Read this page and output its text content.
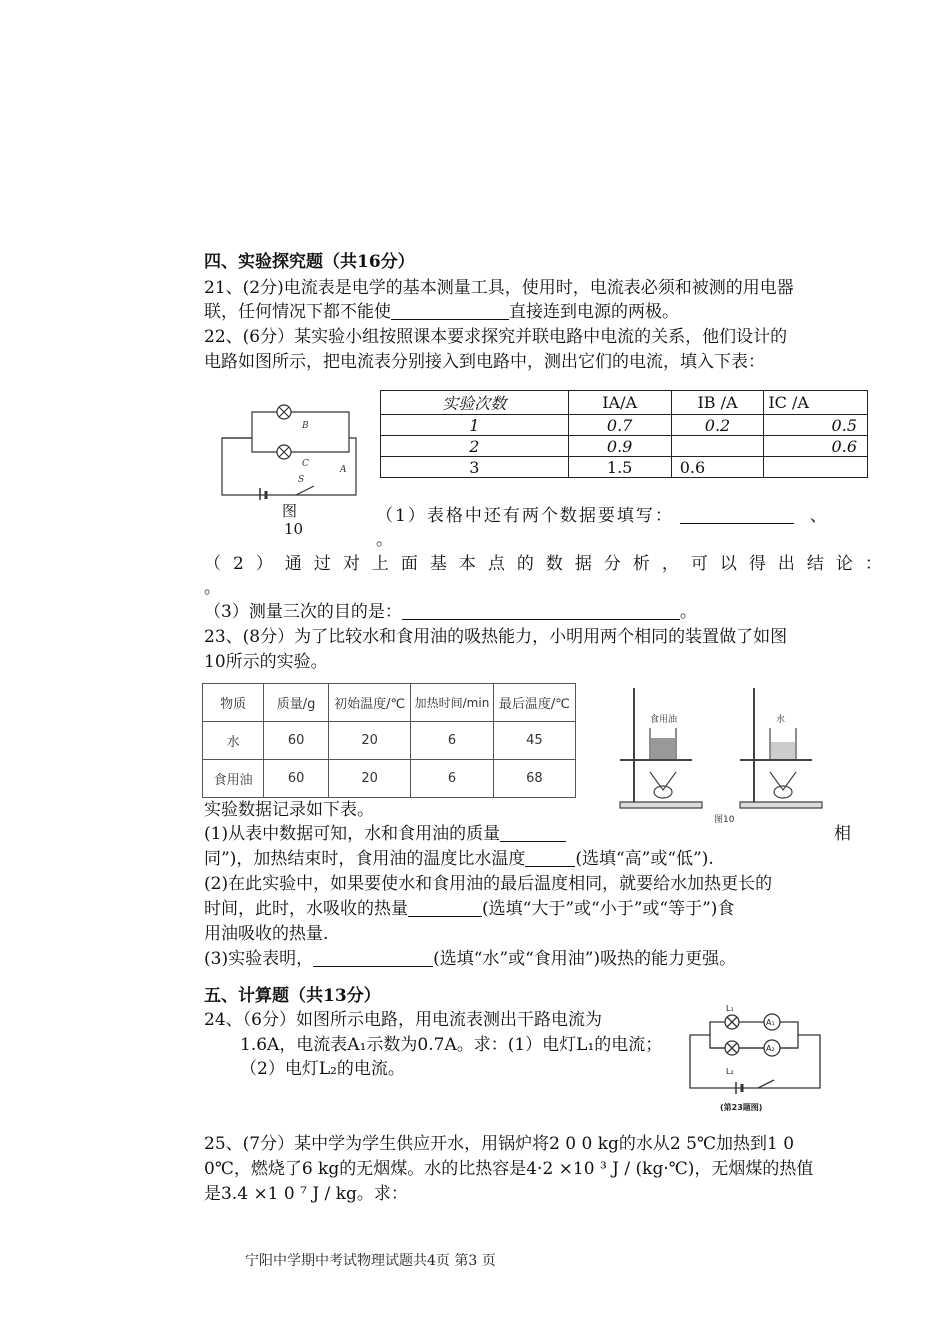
四、实验探究题（共16分）
21、(2分)电流表是电学的基本测量工具，使用时，电流表必须和被测的用电器
联，任何情况下都不能使	直接连到电源的两极。
22、(6分）某实验小组按照课本要求探究并联电路中电流的关系，他们设计的
电路如图所示，把电流表分别接入到电路中，测出它们的电流，填入下表：
B
C
A
S
图
10
实验次数	IA/A	IB /A	IC /A
1	0.7	0.2	0.5
2	0.9		0.6
3	1.5	0.6	
（1）表格中还有两个数据要填写：	、
。
（ 2 ） 通 过 对 上 面 基 本 点 的 数 据 分 析 ， 可 以 得 出 结 论 ：
。
（3）测量三次的目的是：	。
23、(8分）为了比较水和食用油的吸热能力，小明用两个相同的装置做了如图
10所示的实验。
物质	质量/g	初始温度/℃	加热时间/min	最后温度/℃
水	60	20	6	45
食用油	60	20	6	68
食用油	水
图10
实验数据记录如下表。
(1)从表中数据可知，水和食用油的质量	相
同”)，加热结束时，食用油的温度比水温度	(选填“高”或“低”).
(2)在此实验中，如果要使水和食用油的最后温度相同，就要给水加热更长的
时间，此时，水吸收的热量	(选填“大于”或“小于”或“等于”)食
用油吸收的热量.
(3)实验表明，	(选填“水”或“食用油”)吸热的能力更强。
五、计算题（共13分）
24、（6分）如图所示电路，用电流表测出干路电流为
1.6A，电流表A₁示数为0.7A。求：(1）电灯L₁的电流；
（2）电灯L₂的电流。
L₁
L₂
A₁
A₂
(第23题图)
25、(7分）某中学为学生供应开水，用锅炉将2 0 0 kg的水从2 5℃加热到1 0
0℃，燃烧了6 kg的无烟煤。水的比热容是4·2 ×10 ³ J / (kg·℃)，无烟煤的热值
是3.4 ×1 0 ⁷ J / kg。求：
宁阳中学期中考试物理试题共4页 第3 页
